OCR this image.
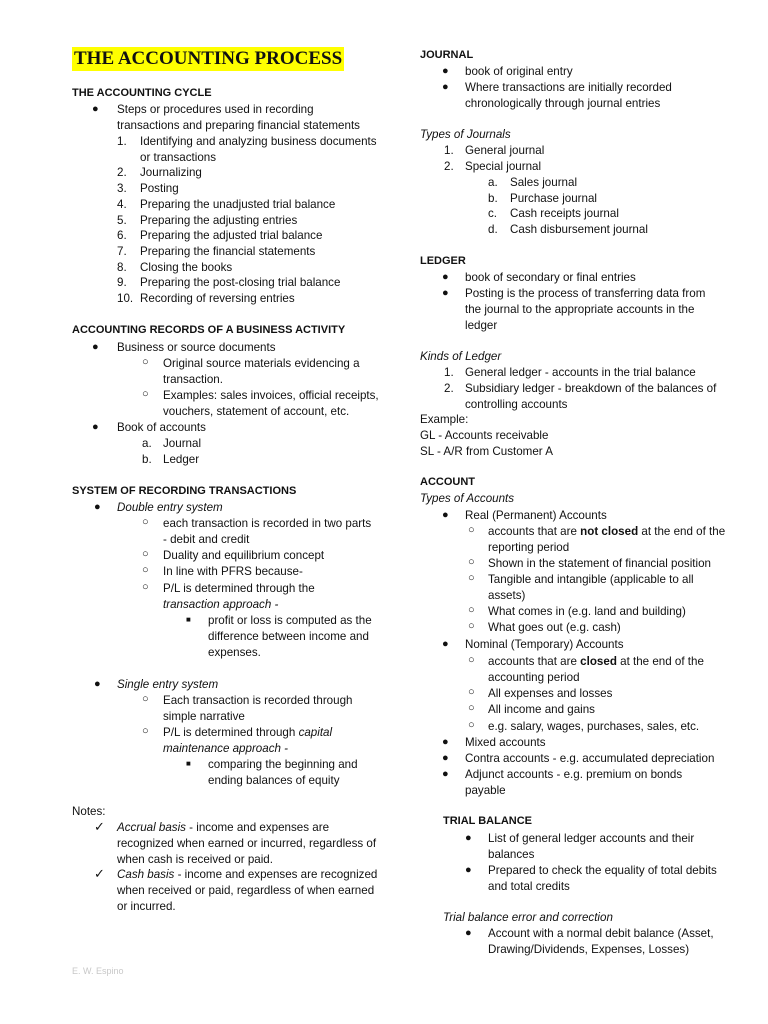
THE ACCOUNTING PROCESS
THE ACCOUNTING CYCLE
● Steps or procedures used in recording
transactions and preparing financial statements
1. Identifying and analyzing business documents
or transactions
2. Journalizing
3. Posting
4. Preparing the unadjusted trial balance
5. Preparing the adjusting entries
6. Preparing the adjusted trial balance
7. Preparing the financial statements
8. Closing the books
9. Preparing the post-closing trial balance
10. Recording of reversing entries
ACCOUNTING RECORDS OF A BUSINESS ACTIVITY
● Business or source documents
○ Original source materials evidencing a
transaction.
○ Examples: sales invoices, official receipts,
vouchers, statement of account, etc.
● Book of accounts
a. Journal
b. Ledger
SYSTEM OF RECORDING TRANSACTIONS
● Double entry system
○ each transaction is recorded in two parts
- debit and credit
○ Duality and equilibrium concept
○ In line with PFRS because-
○ P/L is determined through the
transaction approach -
■ profit or loss is computed as the
difference between income and
expenses.
● Single entry system
○ Each transaction is recorded through
simple narrative
○ P/L is determined through capital
maintenance approach -
■ comparing the beginning and
ending balances of equity
Notes:
✓ Accrual basis - income and expenses are
recognized when earned or incurred, regardless of
when cash is received or paid.
✓ Cash basis - income and expenses are recognized
when received or paid, regardless of when earned
or incurred.
JOURNAL
● book of original entry
● Where transactions are initially recorded
chronologically through journal entries
Types of Journals
1. General journal
2. Special journal
a. Sales journal
b. Purchase journal
c. Cash receipts journal
d. Cash disbursement journal
LEDGER
● book of secondary or final entries
● Posting is the process of transferring data from
the journal to the appropriate accounts in the
ledger
Kinds of Ledger
1. General ledger - accounts in the trial balance
2. Subsidiary ledger - breakdown of the balances of
controlling accounts
Example:
GL - Accounts receivable
SL - A/R from Customer A
ACCOUNT
Types of Accounts
● Real (Permanent) Accounts
○ accounts that are not closed at the end of the
reporting period
○ Shown in the statement of financial position
○ Tangible and intangible (applicable to all
assets)
○ What comes in (e.g. land and building)
○ What goes out (e.g. cash)
● Nominal (Temporary) Accounts
○ accounts that are closed at the end of the
accounting period
○ All expenses and losses
○ All income and gains
○ e.g. salary, wages, purchases, sales, etc.
● Mixed accounts
● Contra accounts - e.g. accumulated depreciation
● Adjunct accounts - e.g. premium on bonds
payable
TRIAL BALANCE
● List of general ledger accounts and their
balances
● Prepared to check the equality of total debits
and total credits
Trial balance error and correction
● Account with a normal debit balance (Asset,
Drawing/Dividends, Expenses, Losses)
E. W. Espino
